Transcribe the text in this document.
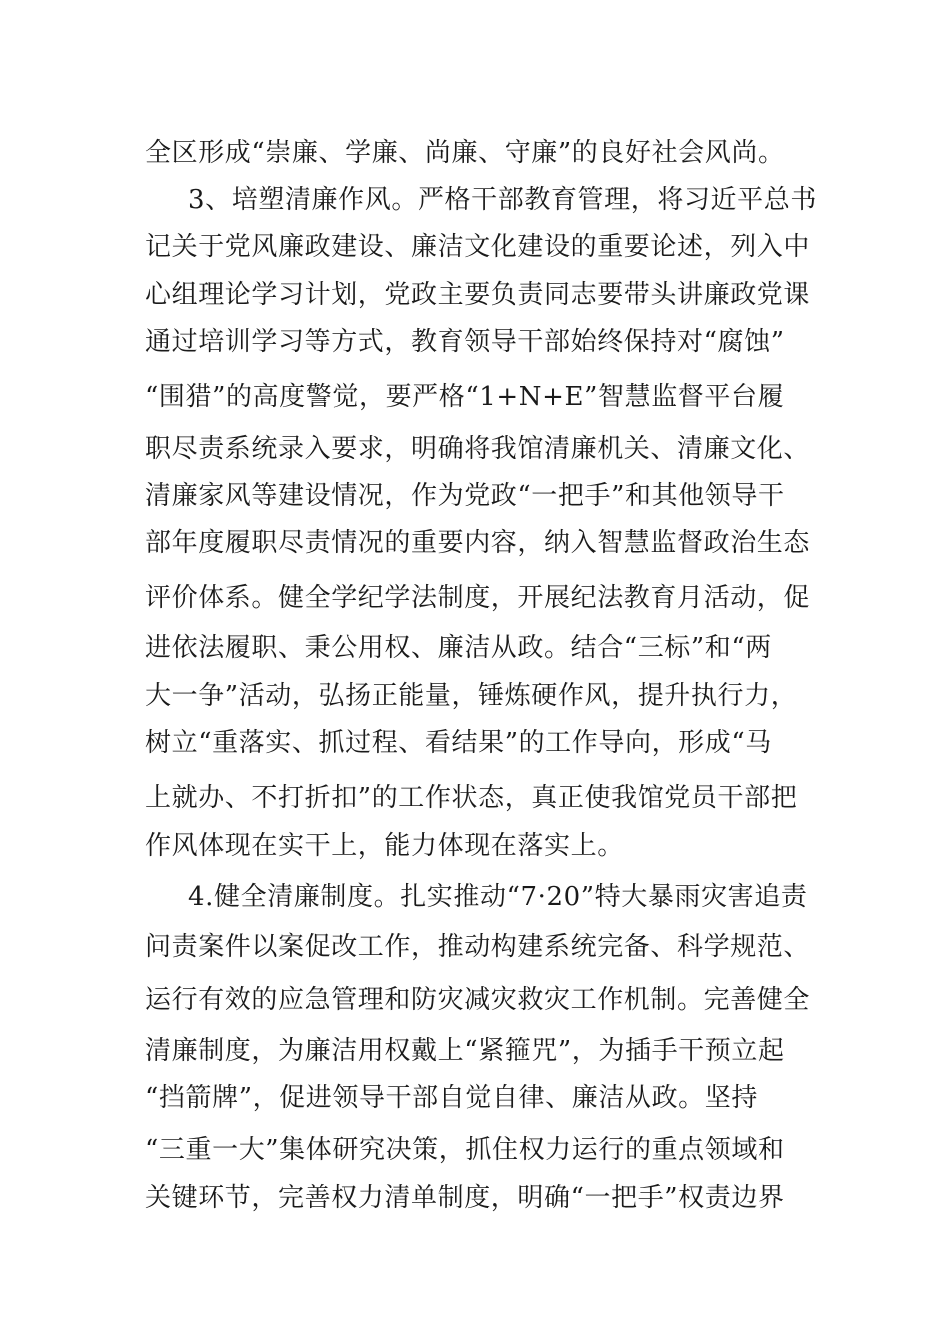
全区形成“崇廉、学廉、尚廉、守廉”的良好社会风尚。
3、培塑清廉作风。严格干部教育管理，将习近平总书
记关于党风廉政建设、廉洁文化建设的重要论述，列入中
心组理论学习计划，党政主要负责同志要带头讲廉政党课
通过培训学习等方式，教育领导干部始终保持对“腐蚀”
“围猎”的高度警觉，要严格“1+N+E”智慧监督平台履
职尽责系统录入要求，明确将我馆清廉机关、清廉文化、
清廉家风等建设情况，作为党政“一把手”和其他领导干
部年度履职尽责情况的重要内容，纳入智慧监督政治生态
评价体系。健全学纪学法制度，开展纪法教育月活动，促
进依法履职、秉公用权、廉洁从政。结合“三标”和“两
大一争”活动，弘扬正能量，锤炼硬作风，提升执行力，
树立“重落实、抓过程、看结果”的工作导向，形成“马
上就办、不打折扣”的工作状态，真正使我馆党员干部把
作风体现在实干上，能力体现在落实上。
4.健全清廉制度。扎实推动“7·20”特大暴雨灾害追责
问责案件以案促改工作，推动构建系统完备、科学规范、
运行有效的应急管理和防灾减灾救灾工作机制。完善健全
清廉制度，为廉洁用权戴上“紧箍咒”，为插手干预立起
“挡箭牌”，促进领导干部自觉自律、廉洁从政。坚持
“三重一大”集体研究决策，抓住权力运行的重点领域和
关键环节，完善权力清单制度，明确“一把手”权责边界
